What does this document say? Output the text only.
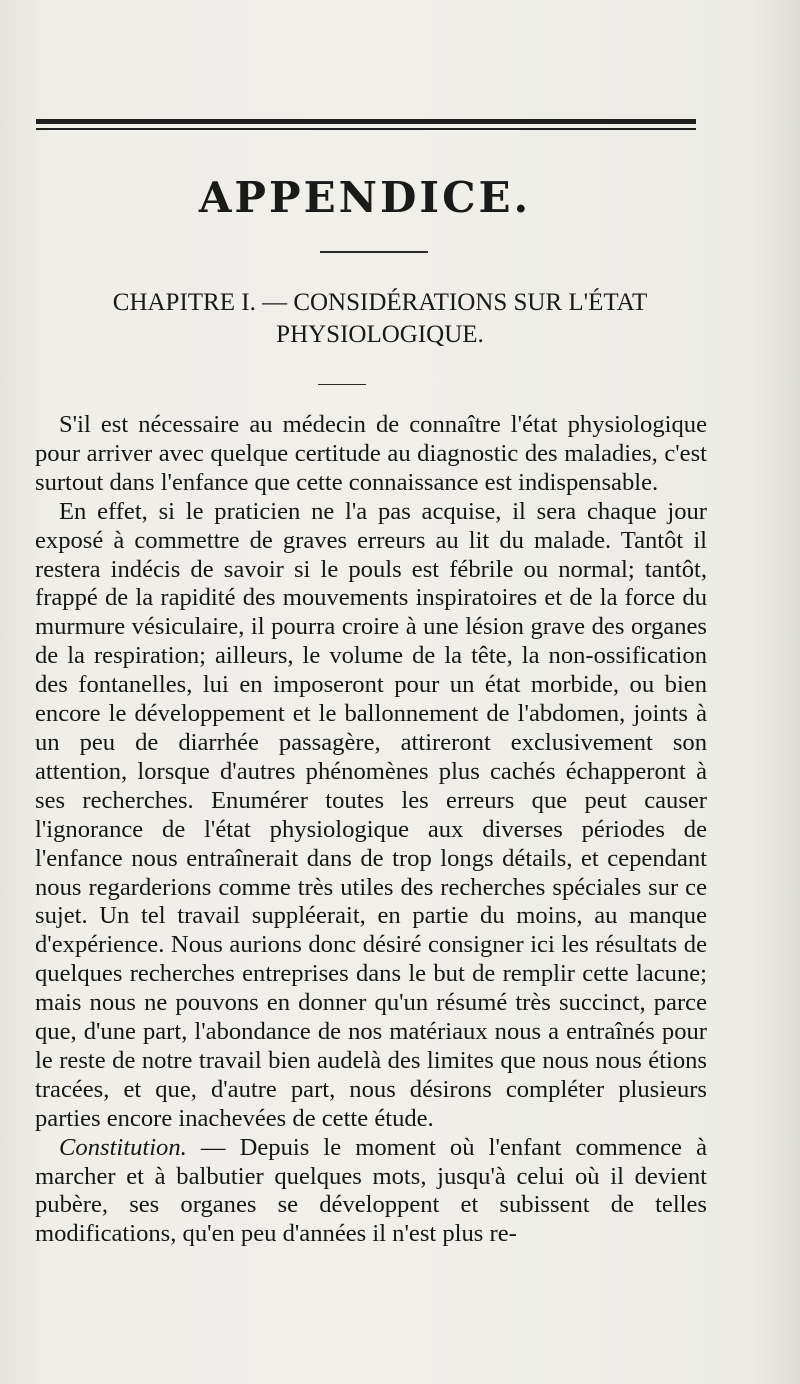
APPENDICE.
CHAPITRE I. — CONSIDÉRATIONS SUR L'ÉTAT
PHYSIOLOGIQUE.

S'il est nécessaire au médecin de connaître l'état physiologique pour arriver avec quelque certitude au diagnostic des maladies, c'est surtout dans l'enfance que cette connaissance est indispensable.

En effet, si le praticien ne l'a pas acquise, il sera chaque jour exposé à commettre de graves erreurs au lit du malade. Tantôt il restera indécis de savoir si le pouls est fébrile ou normal; tantôt, frappé de la rapidité des mouvements inspiratoires et de la force du murmure vésiculaire, il pourra croire à une lésion grave des organes de la respiration; ailleurs, le volume de la tête, la non-ossification des fontanelles, lui en imposeront pour un état morbide, ou bien encore le développement et le ballonnement de l'abdomen, joints à un peu de diarrhée passagère, attireront exclusivement son attention, lorsque d'autres phénomènes plus cachés échapperont à ses recherches. Enumérer toutes les erreurs que peut causer l'ignorance de l'état physiologique aux diverses périodes de l'enfance nous entraînerait dans de trop longs détails, et cependant nous regarderions comme très utiles des recherches spéciales sur ce sujet. Un tel travail suppléerait, en partie du moins, au manque d'expérience. Nous aurions donc désiré consigner ici les résultats de quelques recherches entreprises dans le but de remplir cette lacune; mais nous ne pouvons en donner qu'un résumé très succinct, parce que, d'une part, l'abondance de nos matériaux nous a entraînés pour le reste de notre travail bien audelà des limites que nous nous étions tracées, et que, d'autre part, nous désirons compléter plusieurs parties encore inachevées de cette étude.

Constitution. — Depuis le moment où l'enfant commence à marcher et à balbutier quelques mots, jusqu'à celui où il devient pubère, ses organes se développent et subissent de telles modifications, qu'en peu d'années il n'est plus re-
